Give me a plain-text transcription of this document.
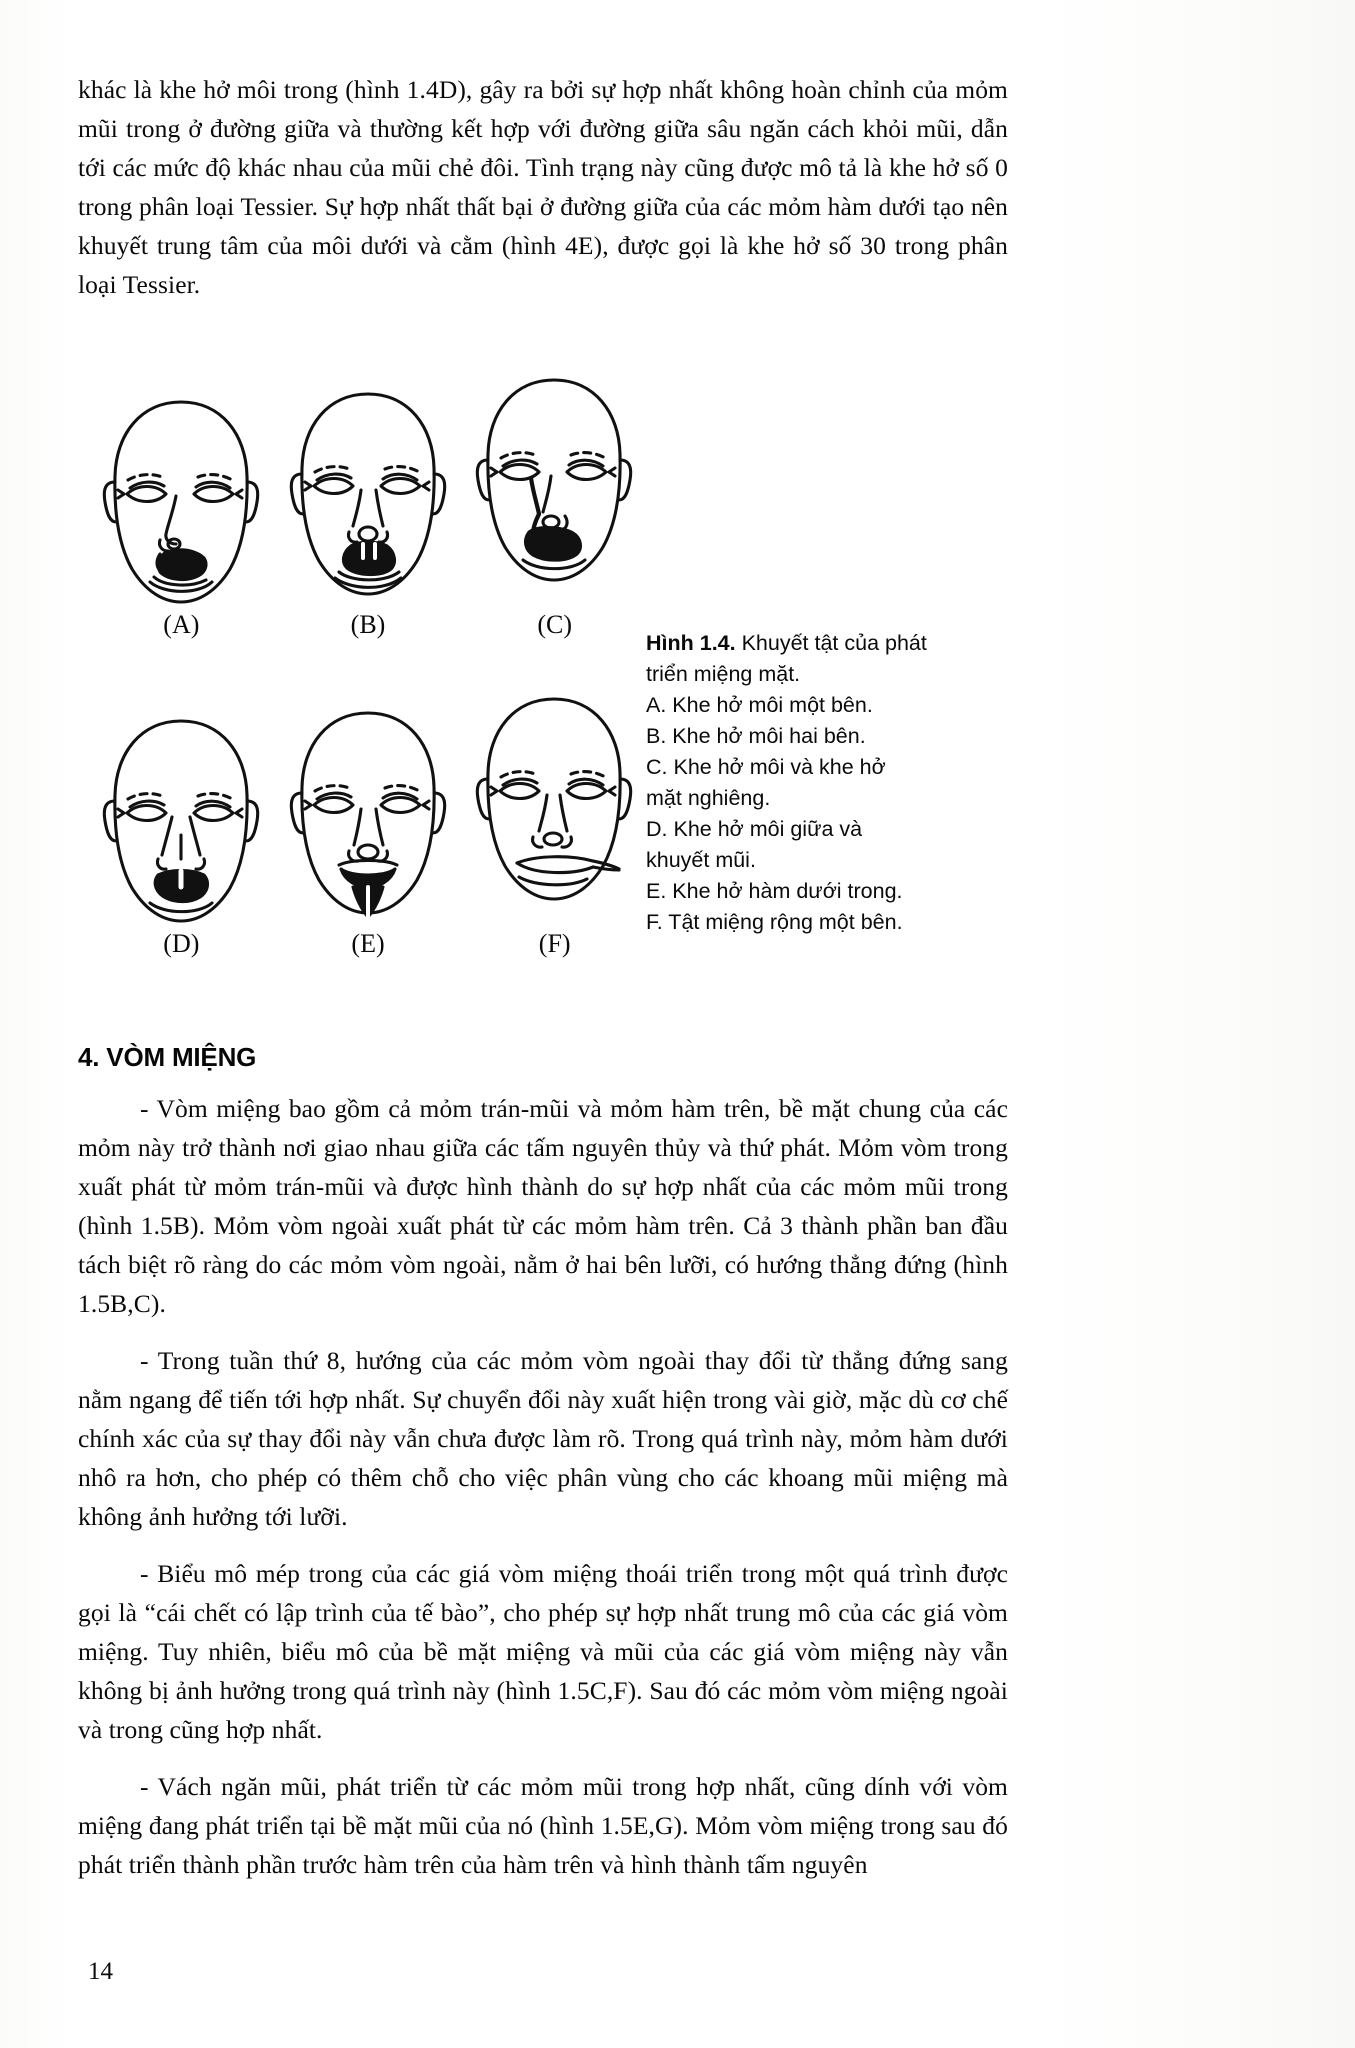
khác là khe hở môi trong (hình 1.4D), gây ra bởi sự hợp nhất không hoàn chỉnh của mỏm mũi trong ở đường giữa và thường kết hợp với đường giữa sâu ngăn cách khỏi mũi, dẫn tới các mức độ khác nhau của mũi chẻ đôi. Tình trạng này cũng được mô tả là khe hở số 0 trong phân loại Tessier. Sự hợp nhất thất bại ở đường giữa của các mỏm hàm dưới tạo nên khuyết trung tâm của môi dưới và cằm (hình 4E), được gọi là khe hở số 30 trong phân loại Tessier.

(A)	(B)	(C)
(D)	(E)	(F)
Hình 1.4. Khuyết tật của phát
triển miệng mặt.
A. Khe hở môi một bên.
B. Khe hở môi hai bên.
C. Khe hở môi và khe hở
mặt nghiêng.
D. Khe hở môi giữa và
khuyết mũi.
E. Khe hở hàm dưới trong.
F. Tật miệng rộng một bên.
4. VÒM MIỆNG

- Vòm miệng bao gồm cả mỏm trán-mũi và mỏm hàm trên, bề mặt chung của các mỏm này trở thành nơi giao nhau giữa các tấm nguyên thủy và thứ phát. Mỏm vòm trong xuất phát từ mỏm trán-mũi và được hình thành do sự hợp nhất của các mỏm mũi trong (hình 1.5B). Mỏm vòm ngoài xuất phát từ các mỏm hàm trên. Cả 3 thành phần ban đầu tách biệt rõ ràng do các mỏm vòm ngoài, nằm ở hai bên lưỡi, có hướng thẳng đứng (hình 1.5B,C).

- Trong tuần thứ 8, hướng của các mỏm vòm ngoài thay đổi từ thẳng đứng sang nằm ngang để tiến tới hợp nhất. Sự chuyển đổi này xuất hiện trong vài giờ, mặc dù cơ chế chính xác của sự thay đổi này vẫn chưa được làm rõ. Trong quá trình này, mỏm hàm dưới nhô ra hơn, cho phép có thêm chỗ cho việc phân vùng cho các khoang mũi miệng mà không ảnh hưởng tới lưỡi.

- Biểu mô mép trong của các giá vòm miệng thoái triển trong một quá trình được gọi là “cái chết có lập trình của tế bào”, cho phép sự hợp nhất trung mô của các giá vòm miệng. Tuy nhiên, biểu mô của bề mặt miệng và mũi của các giá vòm miệng này vẫn không bị ảnh hưởng trong quá trình này (hình 1.5C,F). Sau đó các mỏm vòm miệng ngoài và trong cũng hợp nhất.

- Vách ngăn mũi, phát triển từ các mỏm mũi trong hợp nhất, cũng dính với vòm miệng đang phát triển tại bề mặt mũi của nó (hình 1.5E,G). Mỏm vòm miệng trong sau đó phát triển thành phần trước hàm trên của hàm trên và hình thành tấm nguyên

14
